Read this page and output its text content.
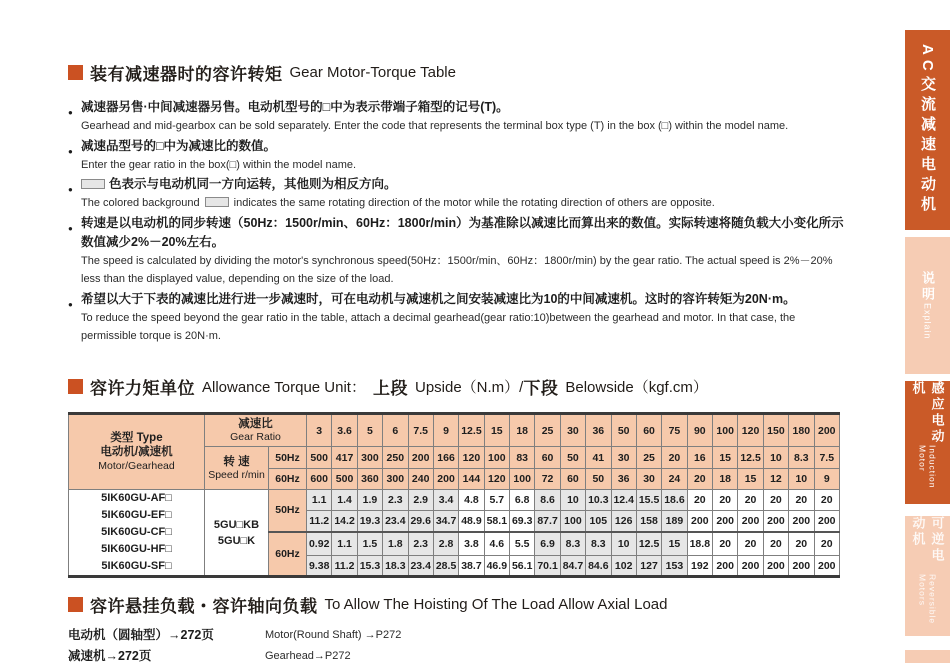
装有减速器时的容许转矩 Gear Motor-Torque Table
● 减速器另售·中间减速器另售。电动机型号的□中为表示带端子箱型的记号(T)。
Gearhead and mid-gearbox can be sold separately. Enter the code that represents the terminal box type (T) in the box (□) within the model name.
● 减速品型号的□中为减速比的数值。
Enter the gear ratio in the box(□) within the model name.
● 色表示与电动机同一方向运转，其他则为相反方向。
The colored background	indicates the same rotating direction of the motor while the rotating direction of others are opposite.
● 转速是以电动机的同步转速（50Hz：1500r/min、60Hz：1800r/min）为基准除以减速比而算出来的数值。实际转速将随负载大小变化所示数值减少2%－20%左右。
The speed is calculated by dividing the motor's synchronous speed(50Hz：1500r/min、60Hz：1800r/min) by the gear ratio. The actual speed is 2%－20% less than the displayed value, depending on the size of the load.
● 希望以大于下表的减速比进行进一步减速时，可在电动机与减速机之间安装减速比为10的中间减速机。这时的容许转矩为20N·m。
To reduce the speed beyond the gear ratio in the table, attach a decimal gearhead(gear ratio:10)between the gearhead and motor. In that case, the permissible torque is 20N·m.
容许力矩单位 Allowance Torque Unit： 上段 Upside（N.m）/ 下段 Belowside（kgf.cm）
类型 Type
电动机/减速机
Motor/Gearhead	减速比
Gear Ratio		3	3.6	5	6	7.5	9	12.5	15	18	25	30	36	50	60	75	90	100	120	150	180	200

	转 速
Speed r/min	50Hz	500	417	300	250	200	166	120	100	83	60	50	41	30	25	20	16	15	12.5	10	8.3	7.5
		60Hz	600	500	360	300	240	200	144	120	100	72	60	50	36	30	24	20	18	15	12	10	9

5IK60GU-AF□
5IK60GU-EF□
5IK60GU-CF□
5IK60GU-HF□
5IK60GU-SF□

5GU□KB
5GU□K
	50Hz	1.1	1.4	1.9	2.3	2.9	3.4	4.8	5.7	6.8	8.6	10	10.3	12.4	15.5	18.6	20	20	20	20	20	20
			11.2	14.2	19.3	23.4	29.6	34.7	48.9	58.1	69.3	87.7	100	105	126	158	189	200	200	200	200	200	200
		60Hz	0.92	1.1	1.5	1.8	2.3	2.8	3.8	4.6	5.5	6.9	8.3	8.3	10	12.5	15	18.8	20	20	20	20	20
			9.38	11.2	15.3	18.3	23.4	28.5	38.7	46.9	56.1	70.1	84.7	84.6	102	127	153	192	200	200	200	200	200
容许悬挂负载・容许轴向负载 To Allow The Hoisting Of The Load Allow Axial Load
电动机（圆轴型）→272页	Motor(Round Shaft) →P272
减速机→272页	Gearhead→P272
AC交流减速电动机
说明
Explain
感应电动机
Induction Motor
可逆电动机
Reversible Motors
